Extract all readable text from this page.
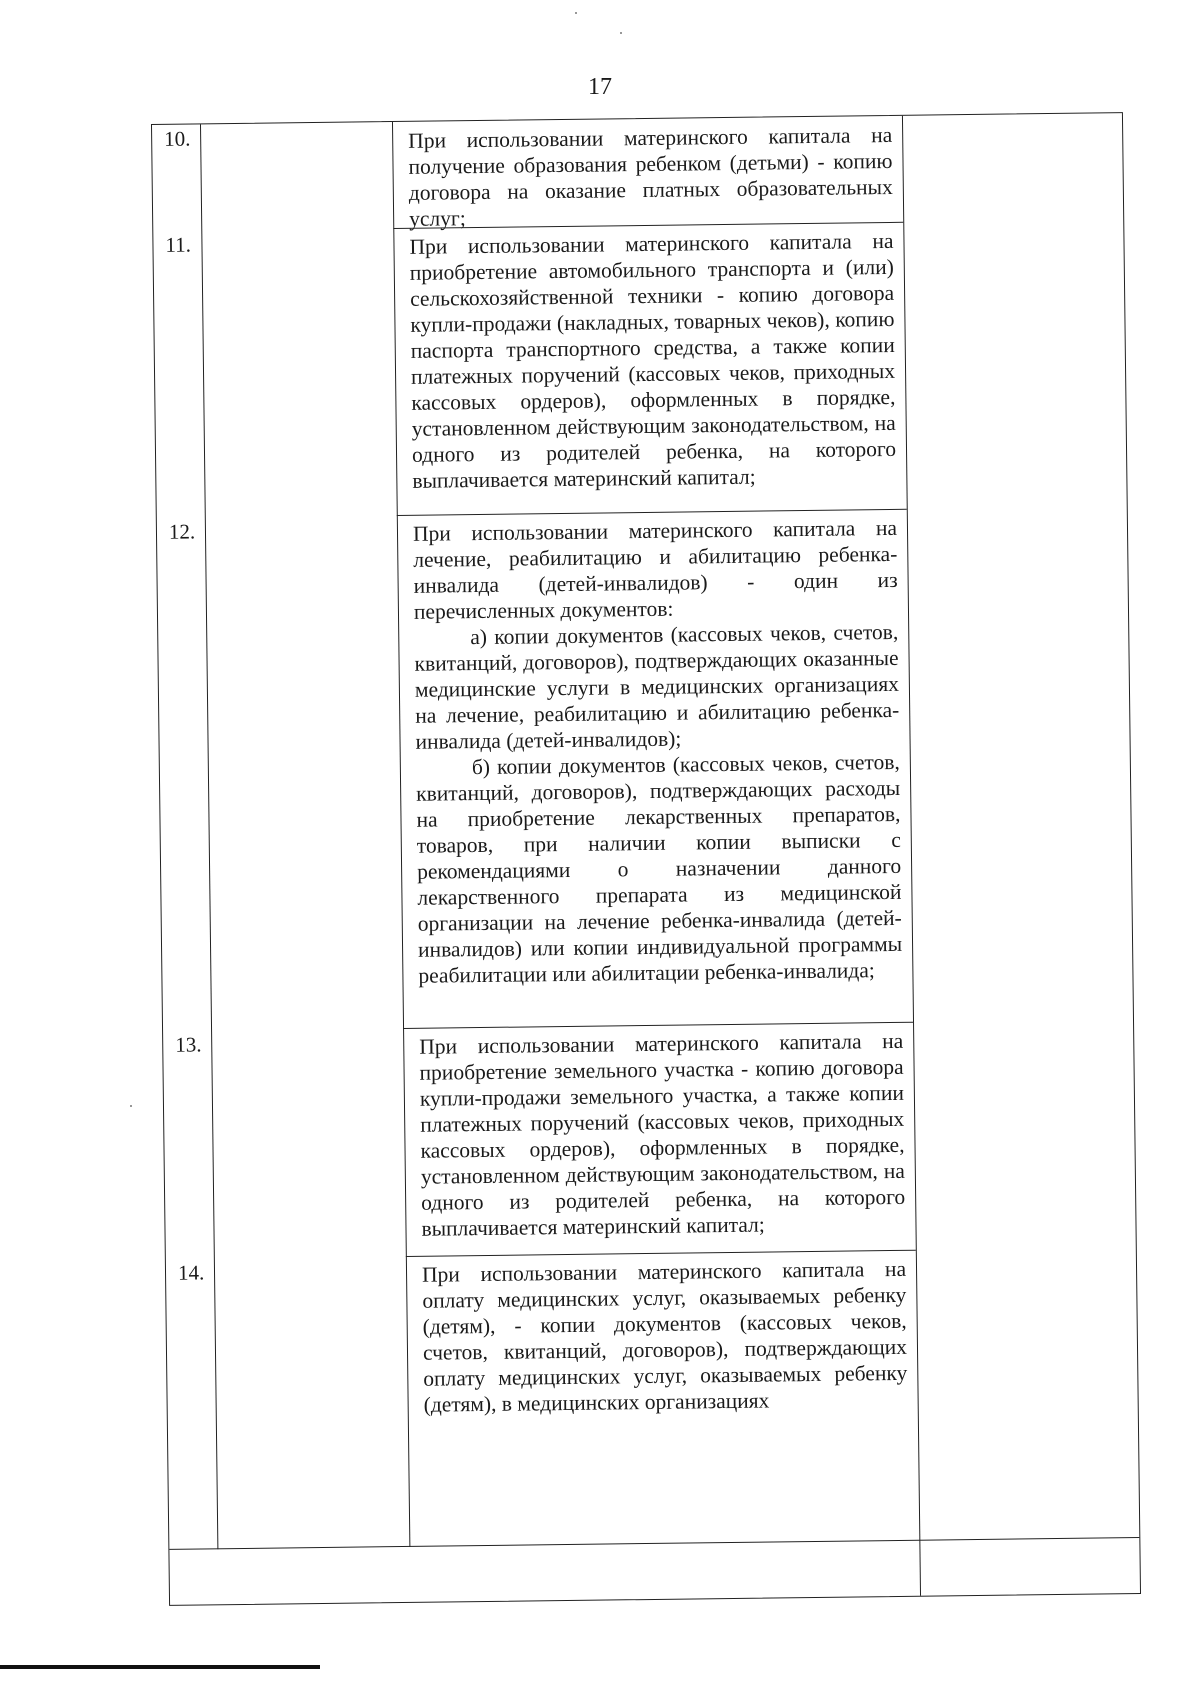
17
10.	При использовании материнского капитала на получение образования ребенком (детьми) - копию договора на оказание платных образовательных услуг;

11.	При использовании материнского капитала на приобретение автомобильного транспорта и (или) сельскохозяйственной техники - копию договора купли-продажи (накладных, товарных чеков), копию паспорта транспортного средства, а также копии платежных поручений (кассовых чеков, приходных кассовых ордеров), оформленных в порядке, установленном действующим законодательством, на одного из родителей ребенка, на которого выплачивается материнский капитал;

12.	При использовании материнского капитала на лечение, реабилитацию и абилитацию ребенка-инвалида (детей-инвалидов) - один из перечисленных документов:

а) копии документов (кассовых чеков, счетов, квитанций, договоров), подтверждающих оказанные медицинские услуги в медицинских организациях на лечение, реабилитацию и абилитацию ребенка-инвалида (детей-инвалидов);

б) копии документов (кассовых чеков, счетов, квитанций, договоров), подтверждающих расходы на приобретение лекарственных препаратов, товаров, при наличии копии выписки с рекомендациями о назначении данного лекарственного препарата из медицинской организации на лечение ребенка-инвалида (детей-инвалидов) или копии индивидуальной программы реабилитации или абилитации ребенка-инвалида;

13.	При использовании материнского капитала на приобретение земельного участка - копию договора купли-продажи земельного участка, а также копии платежных поручений (кассовых чеков, приходных кассовых ордеров), оформленных в порядке, установленном действующим законодательством, на одного из родителей ребенка, на которого выплачивается материнский капитал;

14.	При использовании материнского капитала на оплату медицинских услуг, оказываемых ребенку (детям), - копии документов (кассовых чеков, счетов, квитанций, договоров), подтверждающих оплату медицинских услуг, оказываемых ребенку (детям), в медицинских организациях
